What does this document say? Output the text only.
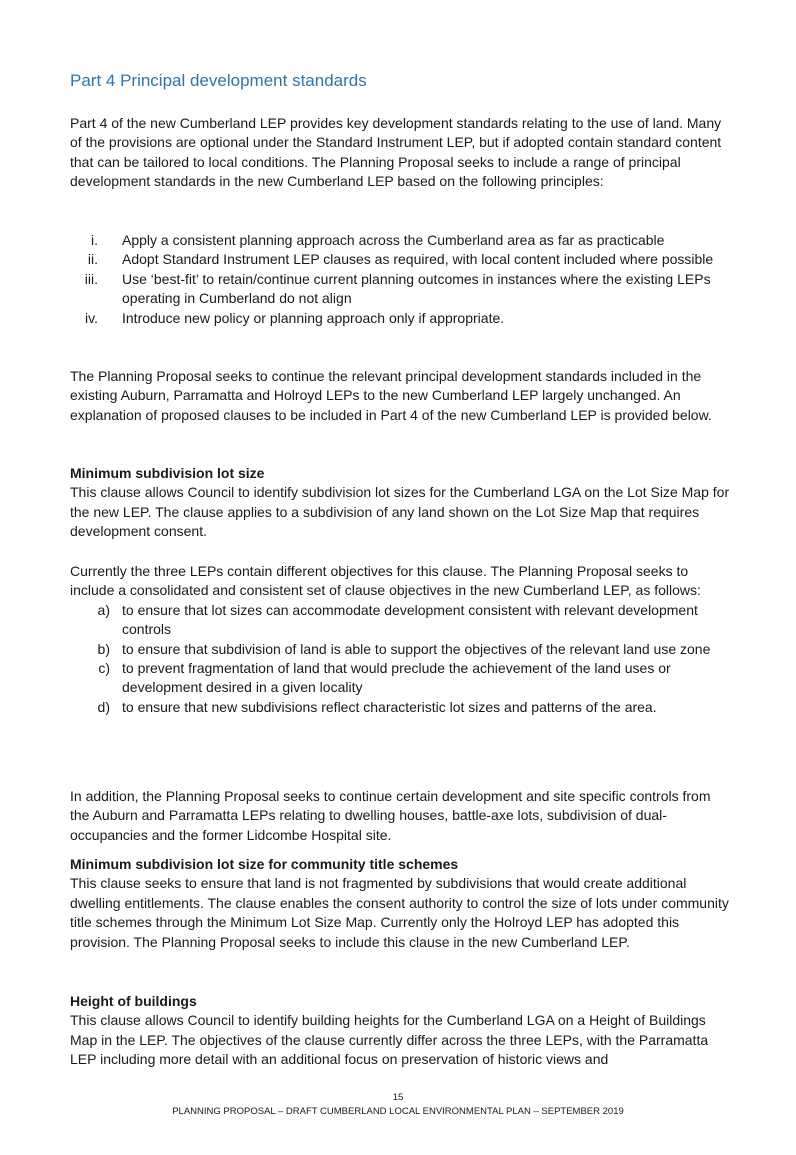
Part 4 Principal development standards

Part 4 of the new Cumberland LEP provides key development standards relating to the use of land. Many of the provisions are optional under the Standard Instrument LEP, but if adopted contain standard content that can be tailored to local conditions. The Planning Proposal seeks to include a range of principal development standards in the new Cumberland LEP based on the following principles:

i. Apply a consistent planning approach across the Cumberland area as far as practicable
ii. Adopt Standard Instrument LEP clauses as required, with local content included where possible
iii. Use ‘best-fit’ to retain/continue current planning outcomes in instances where the existing LEPs operating in Cumberland do not align
iv. Introduce new policy or planning approach only if appropriate.

The Planning Proposal seeks to continue the relevant principal development standards included in the existing Auburn, Parramatta and Holroyd LEPs to the new Cumberland LEP largely unchanged. An explanation of proposed clauses to be included in Part 4 of the new Cumberland LEP is provided below.

Minimum subdivision lot size

This clause allows Council to identify subdivision lot sizes for the Cumberland LGA on the Lot Size Map for the new LEP. The clause applies to a subdivision of any land shown on the Lot Size Map that requires development consent.

Currently the three LEPs contain different objectives for this clause. The Planning Proposal seeks to include a consolidated and consistent set of clause objectives in the new Cumberland LEP, as follows:

a) to ensure that lot sizes can accommodate development consistent with relevant development controls
b) to ensure that subdivision of land is able to support the objectives of the relevant land use zone
c) to prevent fragmentation of land that would preclude the achievement of the land uses or development desired in a given locality
d) to ensure that new subdivisions reflect characteristic lot sizes and patterns of the area.

In addition, the Planning Proposal seeks to continue certain development and site specific controls from the Auburn and Parramatta LEPs relating to dwelling houses, battle-axe lots, subdivision of dual-occupancies and the former Lidcombe Hospital site.

Minimum subdivision lot size for community title schemes

This clause seeks to ensure that land is not fragmented by subdivisions that would create additional dwelling entitlements. The clause enables the consent authority to control the size of lots under community title schemes through the Minimum Lot Size Map. Currently only the Holroyd LEP has adopted this provision. The Planning Proposal seeks to include this clause in the new Cumberland LEP.

Height of buildings

This clause allows Council to identify building heights for the Cumberland LGA on a Height of Buildings Map in the LEP. The objectives of the clause currently differ across the three LEPs, with the Parramatta LEP including more detail with an additional focus on preservation of historic views and

15
PLANNING PROPOSAL – DRAFT CUMBERLAND LOCAL ENVIRONMENTAL PLAN – SEPTEMBER 2019
